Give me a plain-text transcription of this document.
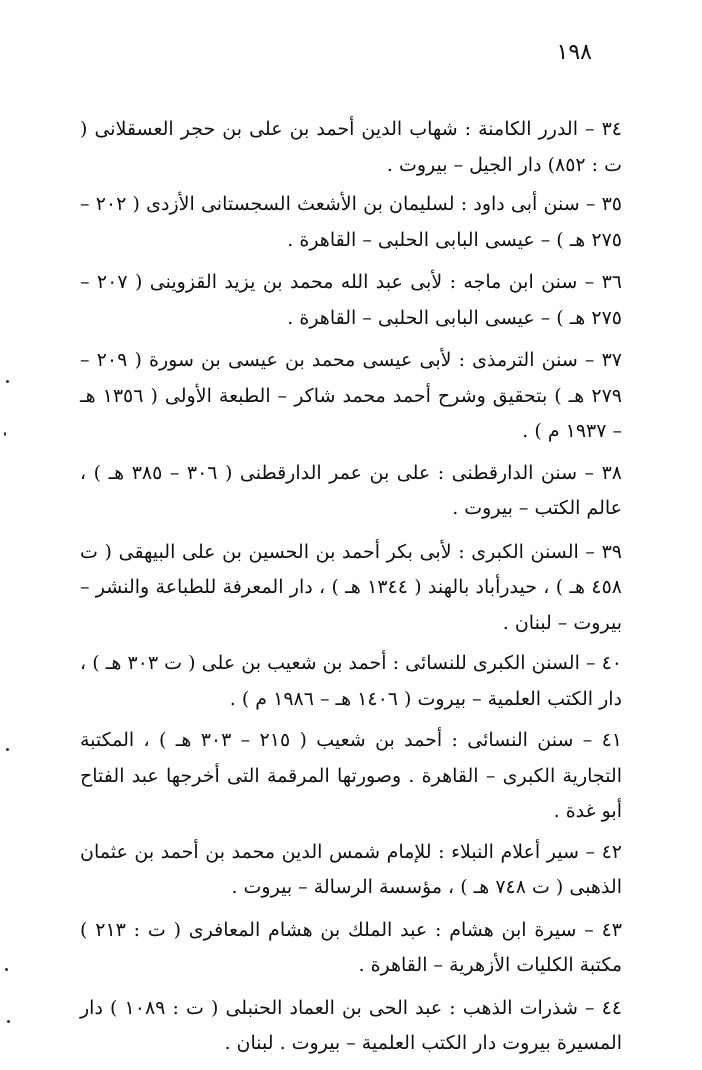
١٩٨

٣٤ – الدرر الكامنة : شهاب الدين أحمد بن على بن حجر العسقلانى ( ت : ٨٥٢) دار الجيل – بيروت .

٣٥ – سنن أبى داود : لسليمان بن الأشعث السجستانى الأزدى ( ٢٠٢ – ٢٧٥ هـ ) – عيسى البابى الحلبى – القاهرة .

٣٦ – سنن ابن ماجه : لأبى عبد الله محمد بن يزيد القزوينى ( ٢٠٧ – ٢٧٥ هـ ) – عيسى البابى الحلبى – القاهرة .

٣٧ – سنن الترمذى : لأبى عيسى محمد بن عيسى بن سورة ( ٢٠٩ – ٢٧٩ هـ ) بتحقيق وشرح أحمد محمد شاكر – الطبعة الأولى ( ١٣٥٦ هـ – ١٩٣٧ م ) .

٣٨ – سنن الدارقطنى : على بن عمر الدارقطنى ( ٣٠٦ – ٣٨٥ هـ ) ، عالم الكتب – بيروت .

٣٩ – السنن الكبرى : لأبى بكر أحمد بن الحسين بن على البيهقى ( ت ٤٥٨ هـ ) ، حيدرأباد بالهند ( ١٣٤٤ هـ ) ، دار المعرفة للطباعة والنشر – بيروت – لبنان .

٤٠ – السنن الكبرى للنسائى : أحمد بن شعيب بن على ( ت ٣٠٣ هـ ) ، دار الكتب العلمية – بيروت ( ١٤٠٦ هـ – ١٩٨٦ م ) .

٤١ – سنن النسائى : أحمد بن شعيب ( ٢١٥ – ٣٠٣ هـ ) ، المكتبة التجارية الكبرى – القاهرة . وصورتها المرقمة التى أخرجها عبد الفتاح أبو غدة .

٤٢ – سير أعلام النبلاء : للإمام شمس الدين محمد بن أحمد بن عثمان الذهبى ( ت ٧٤٨ هـ ) ، مؤسسة الرسالة – بيروت .

٤٣ – سيرة ابن هشام : عبد الملك بن هشام المعافرى ( ت : ٢١٣ ) مكتبة الكليات الأزهرية – القاهرة .

٤٤ – شذرات الذهب : عبد الحى بن العماد الحنبلى ( ت : ١٠٨٩ ) دار المسيرة بيروت دار الكتب العلمية – بيروت . لبنان .
